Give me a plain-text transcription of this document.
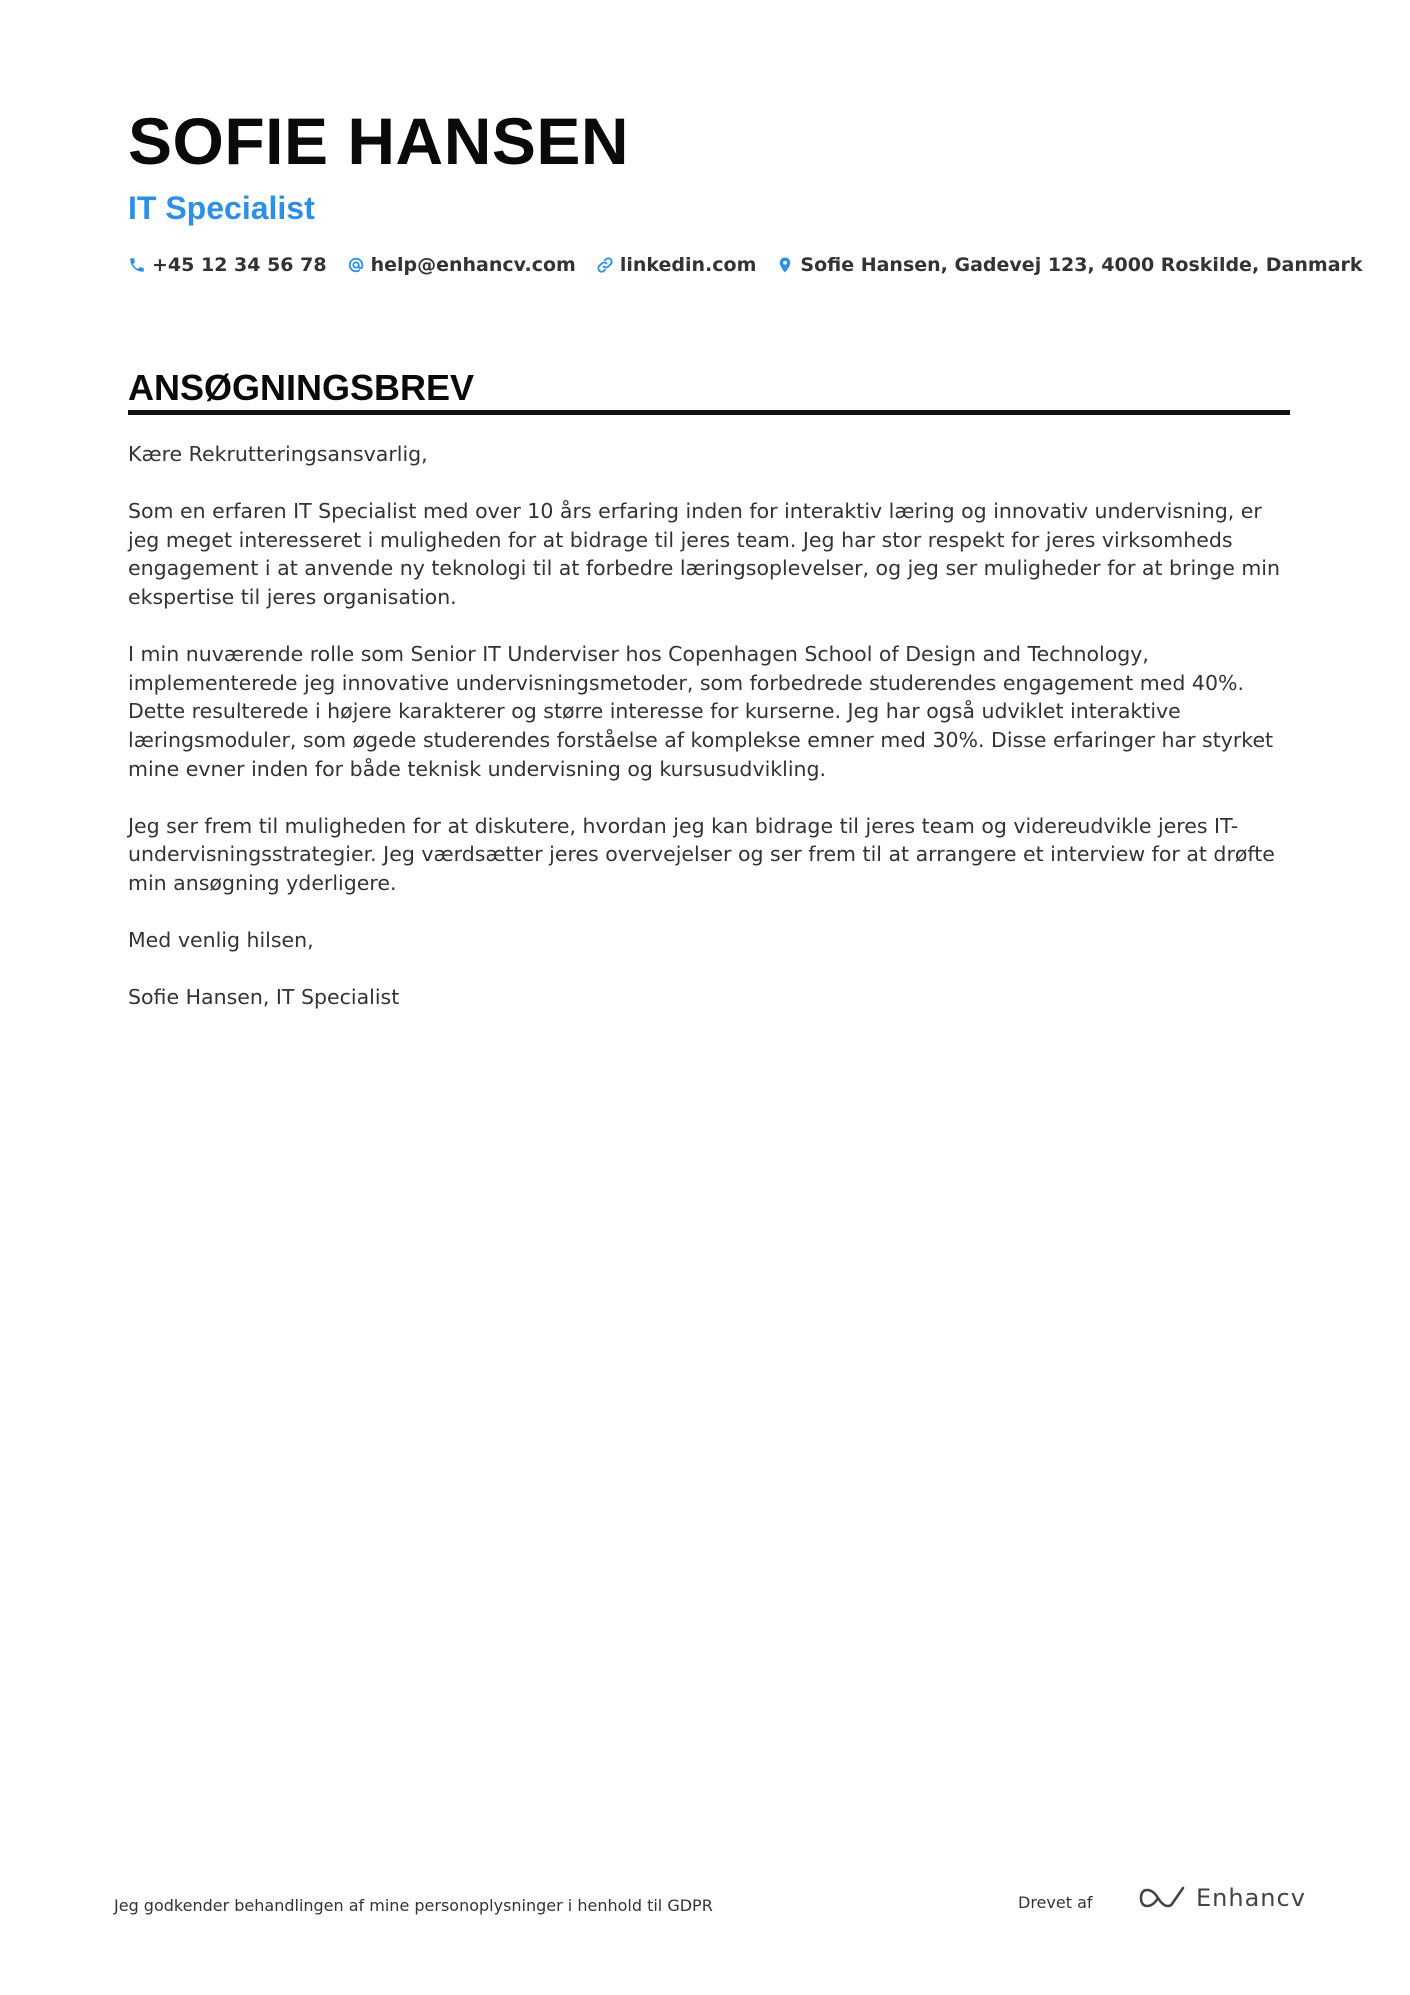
SOFIE HANSEN
IT Specialist
+45 12 34 56 78 help@enhancv.com linkedin.com Sofie Hansen, Gadevej 123, 4000 Roskilde, Danmark
ANSØGNINGSBREV

Kære Rekrutteringsansvarlig,

Som en erfaren IT Specialist med over 10 års erfaring inden for interaktiv læring og innovativ undervisning, er jeg meget interesseret i muligheden for at bidrage til jeres team. Jeg har stor respekt for jeres virksomheds engagement i at anvende ny teknologi til at forbedre læringsoplevelser, og jeg ser muligheder for at bringe min ekspertise til jeres organisation.

I min nuværende rolle som Senior IT Underviser hos Copenhagen School of Design and Technology, implementerede jeg innovative undervisningsmetoder, som forbedrede studerendes engagement med 40%. Dette resulterede i højere karakterer og større interesse for kurserne. Jeg har også udviklet interaktive læringsmoduler, som øgede studerendes forståelse af komplekse emner med 30%. Disse erfaringer har styrket mine evner inden for både teknisk undervisning og kursusudvikling.

Jeg ser frem til muligheden for at diskutere, hvordan jeg kan bidrage til jeres team og videreudvikle jeres IT-undervisningsstrategier. Jeg værdsætter jeres overvejelser og ser frem til at arrangere et interview for at drøfte min ansøgning yderligere.

Med venlig hilsen,

Sofie Hansen, IT Specialist

Jeg godkender behandlingen af mine personoplysninger i henhold til GDPR	Drevet af	Enhancv
